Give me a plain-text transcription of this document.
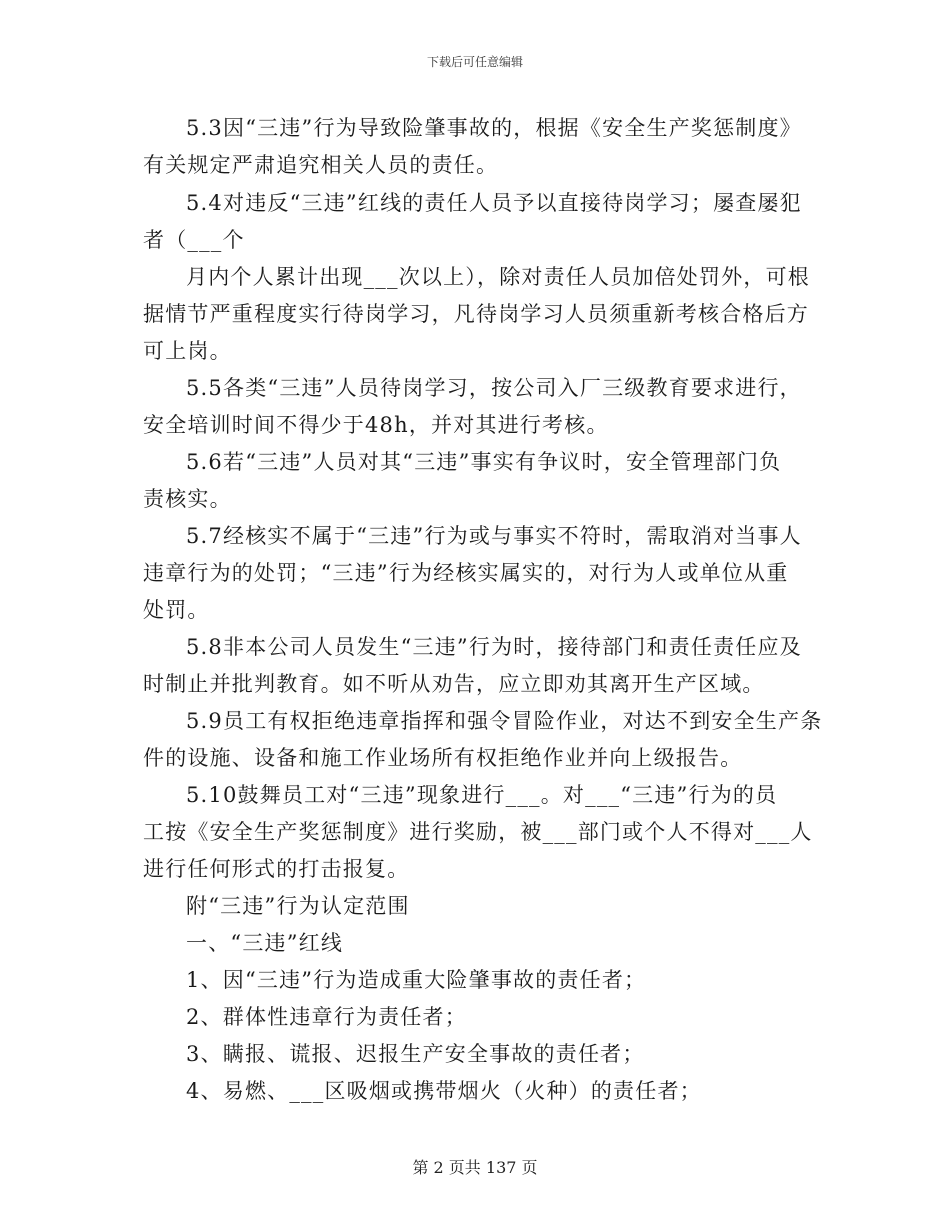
下载后可任意编辑
5.3因“三违”行为导致险肇事故的，根据《安全生产奖惩制度》
有关规定严肃追究相关人员的责任。
5.4对违反“三违”红线的责任人员予以直接待岗学习；屡查屡犯
者（___个
月内个人累计出现___次以上），除对责任人员加倍处罚外，可根
据情节严重程度实行待岗学习，凡待岗学习人员须重新考核合格后方
可上岗。
5.5各类“三违”人员待岗学习，按公司入厂三级教育要求进行，
安全培训时间不得少于48h，并对其进行考核。
5.6若“三违”人员对其“三违”事实有争议时，安全管理部门负
责核实。
5.7经核实不属于“三违”行为或与事实不符时，需取消对当事人
违章行为的处罚；“三违”行为经核实属实的，对行为人或单位从重
处罚。
5.8非本公司人员发生“三违”行为时，接待部门和责任责任应及
时制止并批判教育。如不听从劝告，应立即劝其离开生产区域。
5.9员工有权拒绝违章指挥和强令冒险作业，对达不到安全生产条
件的设施、设备和施工作业场所有权拒绝作业并向上级报告。
5.10鼓舞员工对“三违”现象进行___。对___“三违”行为的员
工按《安全生产奖惩制度》进行奖励，被___部门或个人不得对___人
进行任何形式的打击报复。
附“三违”行为认定范围
一、“三违”红线
1、因“三违”行为造成重大险肇事故的责任者；
2、群体性违章行为责任者；
3、瞒报、谎报、迟报生产安全事故的责任者；
4、易燃、___区吸烟或携带烟火（火种）的责任者；
第 2 页共 137 页
